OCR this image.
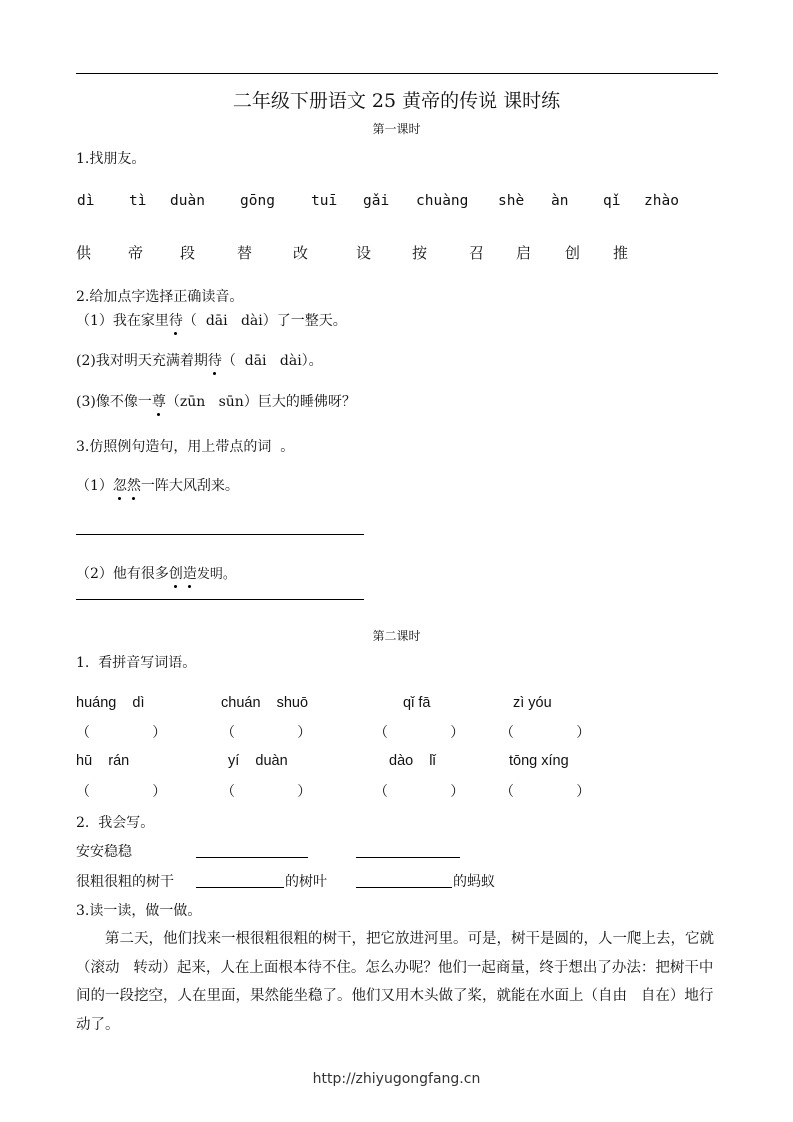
二年级下册语文 25 黄帝的传说 课时练
第一课时
1.找朋友。
dì tì duàn gōng tuī gǎi chuàng shè àn qǐ zhào
供 帝 段	替	改	设	按	召 启 创 推
2.给加点字选择正确读音。
（1）我在家里待（  dāi   dài）了一整天。
(2)我对明天充满着期待（  dāi   dài）。
(3)像不像一尊（zūn   sūn）巨大的睡佛呀？
3.仿照例句造句，用上带点的词  。
（1）忽然一阵大风刮来。
（2）他有很多创造发明。
第二课时
1.  看拼音写词语。
huáng    dì	chuán    shuō	qǐ fā	zì yóu
（              ）	（              ）	（              ）	（              ）
hū    rán	yí    duàn	dào    lǐ	tōng xíng
（              ）	（              ）	（              ）	（              ）
2.  我会写。
安安稳稳
很粗很粗的树干	的树叶	的蚂蚁
3.读一读，做一做。
第二天，他们找来一根很粗很粗的树干，把它放进河里。可是，树干是圆的，人一爬上去，它就（滚动   转动）起来，人在上面根本待不住。怎么办呢？他们一起商量，终于想出了办法：把树干中间的一段挖空，人在里面，果然能坐稳了。他们又用木头做了桨，就能在水面上（自由   自在）地行动了。
http://zhiyugongfang.cn
